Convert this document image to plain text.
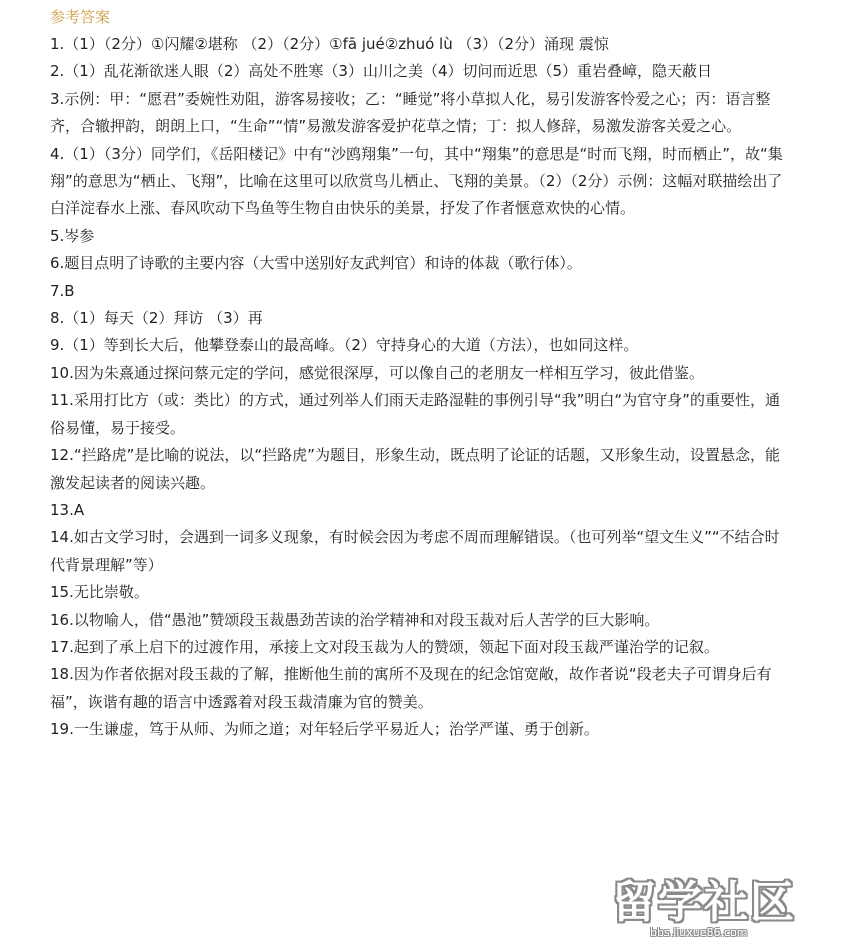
参考答案

1.（1）（2分）①闪耀②堪称 （2）（2分）①fā jué②zhuó lù （3）（2分）涌现 震惊

2.（1）乱花渐欲迷人眼（2）高处不胜寒（3）山川之美（4）切问而近思（5）重岩叠嶂，隐天蔽日

3.示例：甲：“愿君”委婉性劝阻，游客易接收；乙：“睡觉”将小草拟人化，易引发游客怜爱之心；丙：语言整齐，合辙押韵，朗朗上口，“生命”“情”易激发游客爱护花草之情；丁：拟人修辞，易激发游客关爱之心。

4.（1）（3分）同学们，《岳阳楼记》中有“沙鸥翔集”一句，其中“翔集”的意思是“时而飞翔，时而栖止”，故“集翔”的意思为“栖止、飞翔”，比喻在这里可以欣赏鸟儿栖止、飞翔的美景。（2）（2分）示例：这幅对联描绘出了白洋淀春水上涨、春风吹动下鸟鱼等生物自由快乐的美景，抒发了作者惬意欢快的心情。

5.岑参

6.题目点明了诗歌的主要内容（大雪中送别好友武判官）和诗的体裁（歌行体）。

7.B

8.（1）每天（2）拜访 （3）再

9.（1）等到长大后，他攀登泰山的最高峰。（2）守持身心的大道（方法），也如同这样。

10.因为朱熹通过探问蔡元定的学问，感觉很深厚，可以像自己的老朋友一样相互学习，彼此借鉴。

11.采用打比方（或：类比）的方式，通过列举人们雨天走路湿鞋的事例引导“我”明白“为官守身”的重要性，通俗易懂，易于接受。

12.“拦路虎”是比喻的说法，以“拦路虎”为题目，形象生动，既点明了论证的话题，又形象生动，设置悬念，能激发起读者的阅读兴趣。

13.A

14.如古文学习时，会遇到一词多义现象，有时候会因为考虑不周而理解错误。（也可列举“望文生义”“不结合时代背景理解”等）

15.无比崇敬。

16.以物喻人，借“愚池”赞颂段玉裁愚劲苦读的治学精神和对段玉裁对后人苦学的巨大影响。

17.起到了承上启下的过渡作用，承接上文对段玉裁为人的赞颂，领起下面对段玉裁严谨治学的记叙。

18.因为作者依据对段玉裁的了解，推断他生前的寓所不及现在的纪念馆宽敞，故作者说“段老夫子可谓身后有福”，诙谐有趣的语言中透露着对段玉裁清廉为官的赞美。

19.一生谦虚，笃于从师、为师之道；对年轻后学平易近人；治学严谨、勇于创新。

留学社区
bbs.liuxue86.com
